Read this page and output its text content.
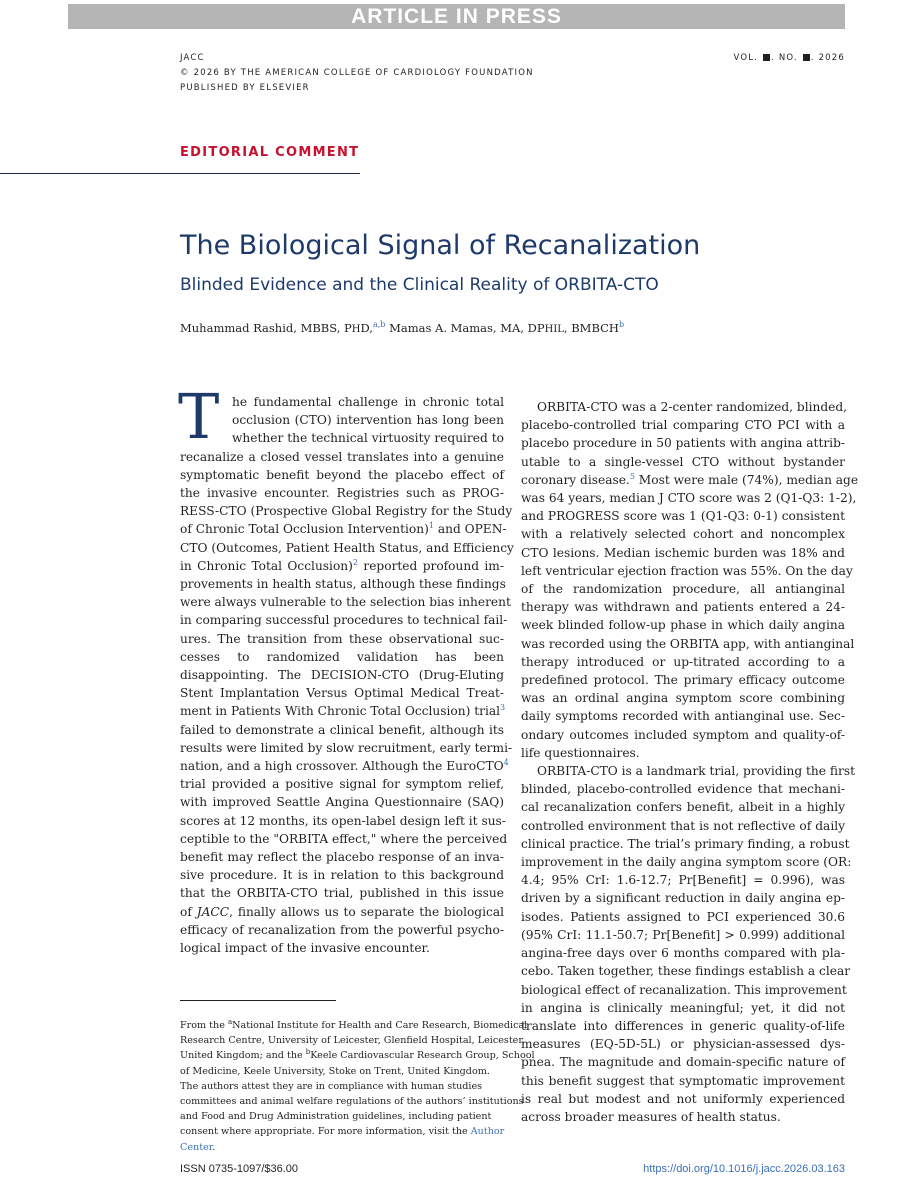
ARTICLE IN PRESS
JACC
© 2026 BY THE AMERICAN COLLEGE OF CARDIOLOGY FOUNDATION
PUBLISHED BY ELSEVIER
VOL. . NO. . 2026
EDITORIAL COMMENT
The Biological Signal of Recanalization
Blinded Evidence and the Clinical Reality of ORBITA-CTO
Muhammad Rashid, MBBS, PHD,$^{a,b}$ Mamas A. Mamas, MA, DPHIL, BMBCH$^b$
T	he fundamental challenge in chronic total
occlusion (CTO) intervention has long been
whether the technical virtuosity required to
recanalize a closed vessel translates into a genuine
symptomatic benefit beyond the placebo effect of
the invasive encounter. Registries such as PROG-
RESS-CTO (Prospective Global Registry for the Study
of Chronic Total Occlusion Intervention)$^1$ and OPEN-
CTO (Outcomes, Patient Health Status, and Efficiency
in Chronic Total Occlusion)$^2$ reported profound im-
provements in health status, although these findings
were always vulnerable to the selection bias inherent
in comparing successful procedures to technical fail-
ures. The transition from these observational suc-
cesses to randomized validation has been
disappointing. The DECISION-CTO (Drug-Eluting
Stent Implantation Versus Optimal Medical Treat-
ment in Patients With Chronic Total Occlusion) trial$^3$
failed to demonstrate a clinical benefit, although its
results were limited by slow recruitment, early termi-
nation, and a high crossover. Although the EuroCTO$^4$
trial provided a positive signal for symptom relief,
with improved Seattle Angina Questionnaire (SAQ)
scores at 12 months, its open-label design left it sus-
ceptible to the "ORBITA effect," where the perceived
benefit may reflect the placebo response of an inva-
sive procedure. It is in relation to this background
that the ORBITA-CTO trial, published in this issue
of JACC, finally allows us to separate the biological
efficacy of recanalization from the powerful psycho-
logical impact of the invasive encounter.
ORBITA-CTO was a 2-center randomized, blinded,
placebo-controlled trial comparing CTO PCI with a
placebo procedure in 50 patients with angina attrib-
utable to a single-vessel CTO without bystander
coronary disease.$^5$ Most were male (74%), median age
was 64 years, median J CTO score was 2 (Q1-Q3: 1-2),
and PROGRESS score was 1 (Q1-Q3: 0-1) consistent
with a relatively selected cohort and noncomplex
CTO lesions. Median ischemic burden was 18% and
left ventricular ejection fraction was 55%. On the day
of the randomization procedure, all antianginal
therapy was withdrawn and patients entered a 24-
week blinded follow-up phase in which daily angina
was recorded using the ORBITA app, with antianginal
therapy introduced or up-titrated according to a
predefined protocol. The primary efficacy outcome
was an ordinal angina symptom score combining
daily symptoms recorded with antianginal use. Sec-
ondary outcomes included symptom and quality-of-
life questionnaires.
ORBITA-CTO is a landmark trial, providing the first
blinded, placebo-controlled evidence that mechani-
cal recanalization confers benefit, albeit in a highly
controlled environment that is not reflective of daily
clinical practice. The trial’s primary finding, a robust
improvement in the daily angina symptom score (OR:
4.4; 95% CrI: 1.6-12.7; Pr[Benefit] = 0.996), was
driven by a significant reduction in daily angina ep-
isodes. Patients assigned to PCI experienced 30.6
(95% CrI: 11.1-50.7; Pr[Benefit] > 0.999) additional
angina-free days over 6 months compared with pla-
cebo. Taken together, these findings establish a clear
biological effect of recanalization. This improvement
in angina is clinically meaningful; yet, it did not
translate into differences in generic quality-of-life
measures (EQ-5D-5L) or physician-assessed dys-
pnea. The magnitude and domain-specific nature of
this benefit suggest that symptomatic improvement
is real but modest and not uniformly experienced
across broader measures of health status.
From the $^a$National Institute for Health and Care Research, Biomedical
Research Centre, University of Leicester, Glenfield Hospital, Leicester,
United Kingdom; and the $^b$Keele Cardiovascular Research Group, School
of Medicine, Keele University, Stoke on Trent, United Kingdom.
The authors attest they are in compliance with human studies
committees and animal welfare regulations of the authors’ institutions
and Food and Drug Administration guidelines, including patient
consent where appropriate. For more information, visit the Author
Center.
ISSN 0735-1097/$36.00	https://doi.org/10.1016/j.jacc.2026.03.163
